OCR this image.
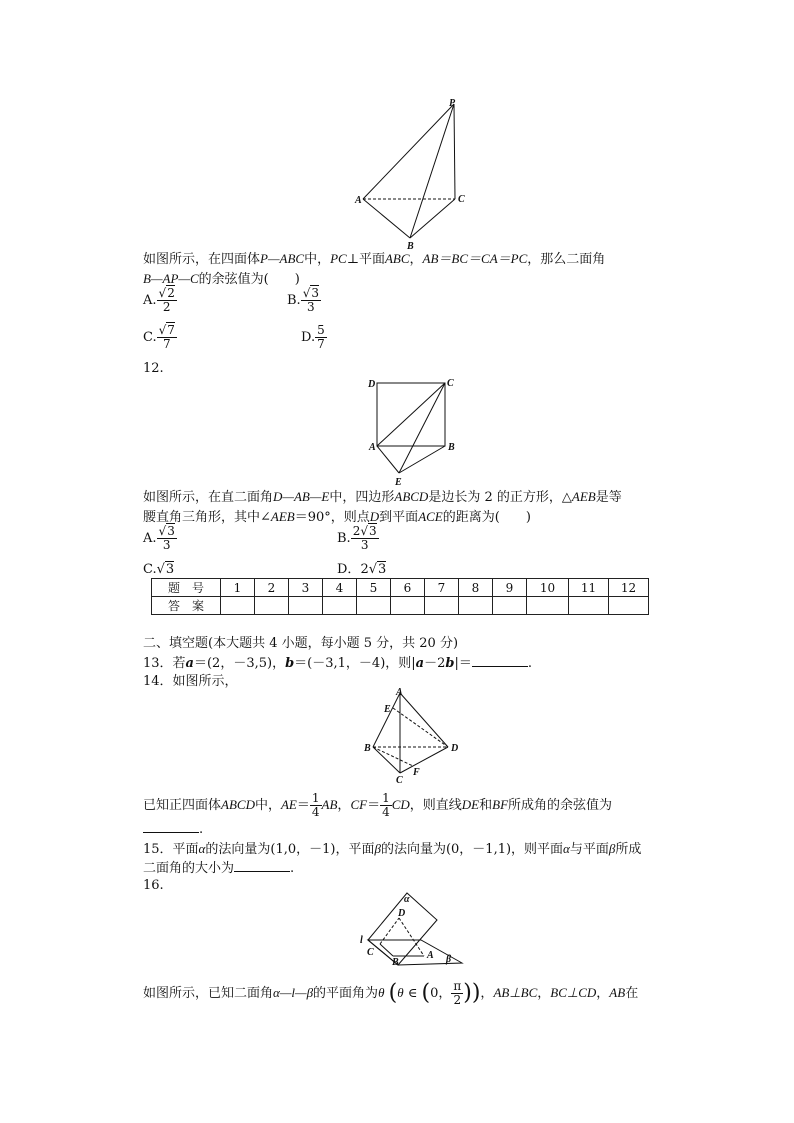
P
A	C
B
如图所示，在四面体P—ABC中，PC⊥平面ABC，AB＝BC＝CA＝PC，那么二面角
B—AP—C的余弦值为(　　)
A. $\frac{√2}{2}$	B. $\frac{√3}{3}$
C. $\frac{√7}{7}$	D. $\frac{5}{7}$
12.
D	C
A	B
E
如图所示，在直二面角D—AB—E中，四边形ABCD是边长为 2 的正方形，△AEB是等
腰直角三角形，其中∠AEB＝90°，则点D到平面ACE的距离为(　　)
A. $\frac{√3}{3}$	B. $\frac{2√3}{3}$
C.√3	D．2√3
题　号	1	2	3	4	5	6	7	8	9	10	11	12
答　案												
二、填空题(本大题共 4 小题，每小题 5 分，共 20 分)
13．若a＝(2，－3,5)，b＝(－3,1，－4)，则|a－2b|＝	.
14．如图所示，
A
E
B	D
C
F
已知正四面体ABCD中，$AE= \frac{1}{4}$ AB，$CF= \frac{1}{4}$ CD，则直线DE和BF所成角的余弦值为
.
15．平面α的法向量为(1,0，－1)，平面β的法向量为(0，－1,1)，则平面α与平面β所成
二面角的大小为	.
16.
α
D
l
C
B
A β
如图所示，已知二面角α—l—β的平面角为θ (θ ∈ (0， $\frac{\pi}{2}$ ))，AB⊥BC，BC⊥CD，AB在
